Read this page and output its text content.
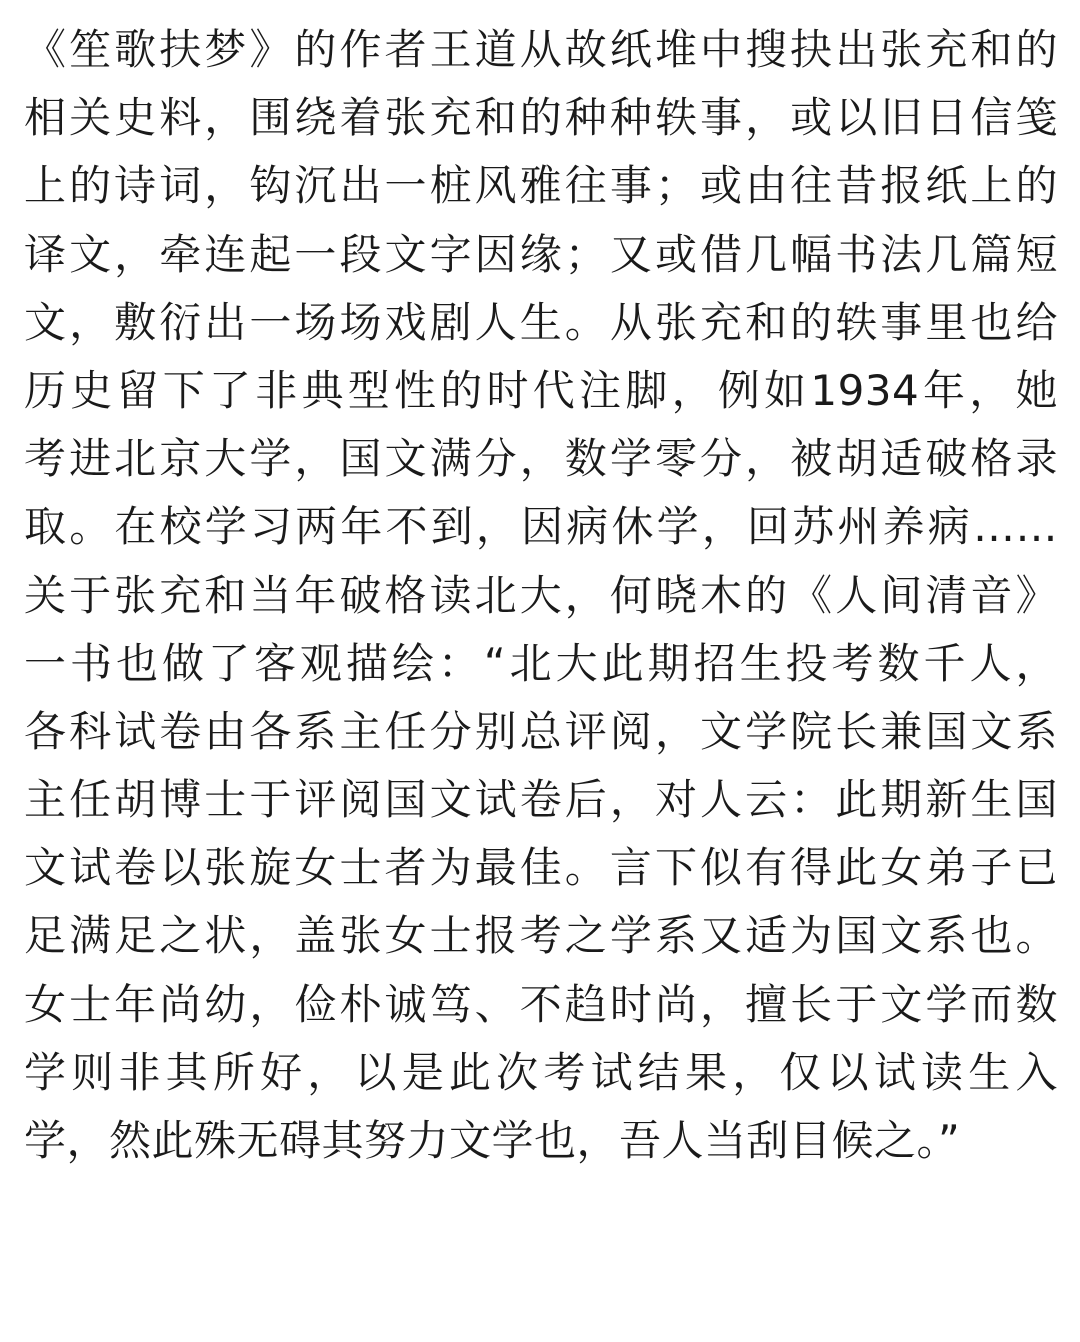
《笙歌扶梦》的作者王道从故纸堆中搜抉出张充和的
相关史料，围绕着张充和的种种轶事，或以旧日信笺
上的诗词，钩沉出一桩风雅往事；或由往昔报纸上的
译文，牵连起一段文字因缘；又或借几幅书法几篇短
文，敷衍出一场场戏剧人生。从张充和的轶事里也给
历史留下了非典型性的时代注脚，例如1934年，她
考进北京大学，国文满分，数学零分，被胡适破格录
取。在校学习两年不到，因病休学，回苏州养病……
关于张充和当年破格读北大，何晓木的《人间清音》
一书也做了客观描绘：“北大此期招生投考数千人，
各科试卷由各系主任分别总评阅，文学院长兼国文系
主任胡博士于评阅国文试卷后，对人云：此期新生国
文试卷以张旋女士者为最佳。言下似有得此女弟子已
足满足之状，盖张女士报考之学系又适为国文系也。
女士年尚幼，俭朴诚笃、不趋时尚，擅长于文学而数
学则非其所好，以是此次考试结果，仅以试读生入
学，然此殊无碍其努力文学也，吾人当刮目候之。”
